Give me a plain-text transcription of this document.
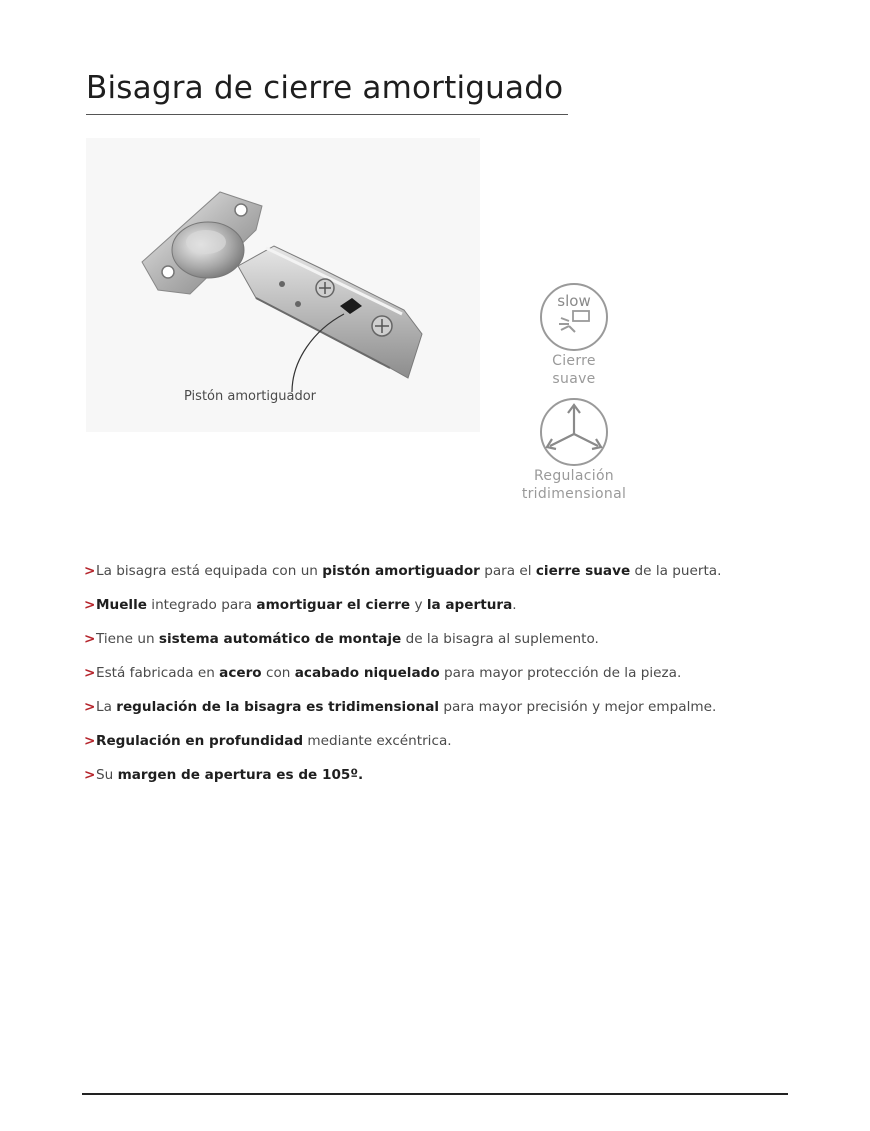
Bisagra de cierre amortiguado
Pistón amortiguador
slow
Cierre
suave
Regulación
tridimensional
> La bisagra está equipada con un pistón amortiguador para el cierre suave de la puerta.
> Muelle integrado para amortiguar el cierre y la apertura.
> Tiene un sistema automático de montaje de la bisagra al suplemento.
> Está fabricada en acero con acabado niquelado para mayor protección de la pieza.
> La regulación de la bisagra es tridimensional para mayor precisión y mejor empalme.
> Regulación en profundidad mediante excéntrica.
> Su margen de apertura es de 105º.
